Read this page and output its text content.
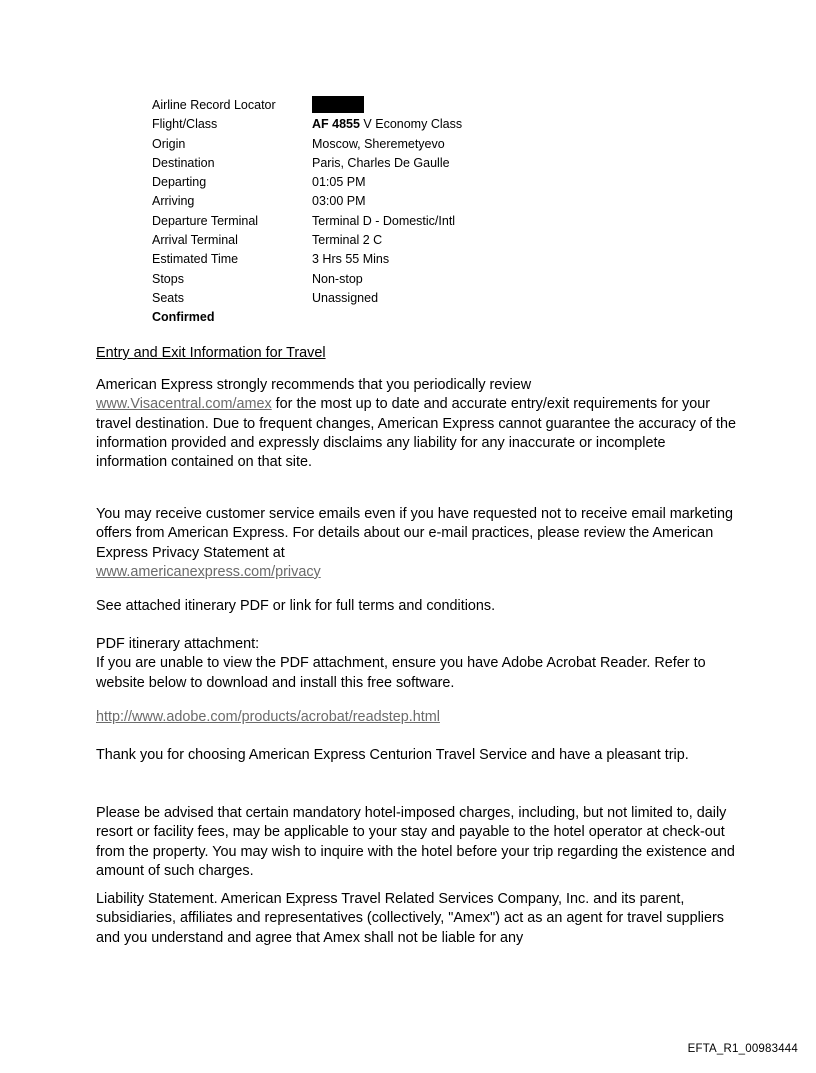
Airline Record Locator
Flight/Class	AF 4855 V Economy Class
Origin	Moscow, Sheremetyevo
Destination	Paris, Charles De Gaulle
Departing	01:05 PM
Arriving	03:00 PM
Departure Terminal	Terminal D - Domestic/Intl
Arrival Terminal	Terminal 2 C
Estimated Time	3 Hrs 55 Mins
Stops	Non-stop
Seats	Unassigned
Confirmed
Entry and Exit Information for Travel

American Express strongly recommends that you periodically review
www.Visacentral.com/amex for the most up to date and accurate entry/exit requirements for your travel destination. Due to frequent changes, American Express cannot guarantee the accuracy of the information provided and expressly disclaims any liability for any inaccurate or incomplete information contained on that site.

You may receive customer service emails even if you have requested not to receive email marketing offers from American Express. For details about our e-mail practices, please review the American Express Privacy Statement at
www.americanexpress.com/privacy

See attached itinerary PDF or link for full terms and conditions.

PDF itinerary attachment:
If you are unable to view the PDF attachment, ensure you have Adobe Acrobat Reader. Refer to website below to download and install this free software.

http://www.adobe.com/products/acrobat/readstep.html

Thank you for choosing American Express Centurion Travel Service and have a pleasant trip.

Please be advised that certain mandatory hotel-imposed charges, including, but not limited to, daily resort or facility fees, may be applicable to your stay and payable to the hotel operator at check-out from the property. You may wish to inquire with the hotel before your trip regarding the existence and amount of such charges.

Liability Statement. American Express Travel Related Services Company, Inc. and its parent, subsidiaries, affiliates and representatives (collectively, "Amex") act as an agent for travel suppliers and you understand and agree that Amex shall not be liable for any

EFTA_R1_00983444
